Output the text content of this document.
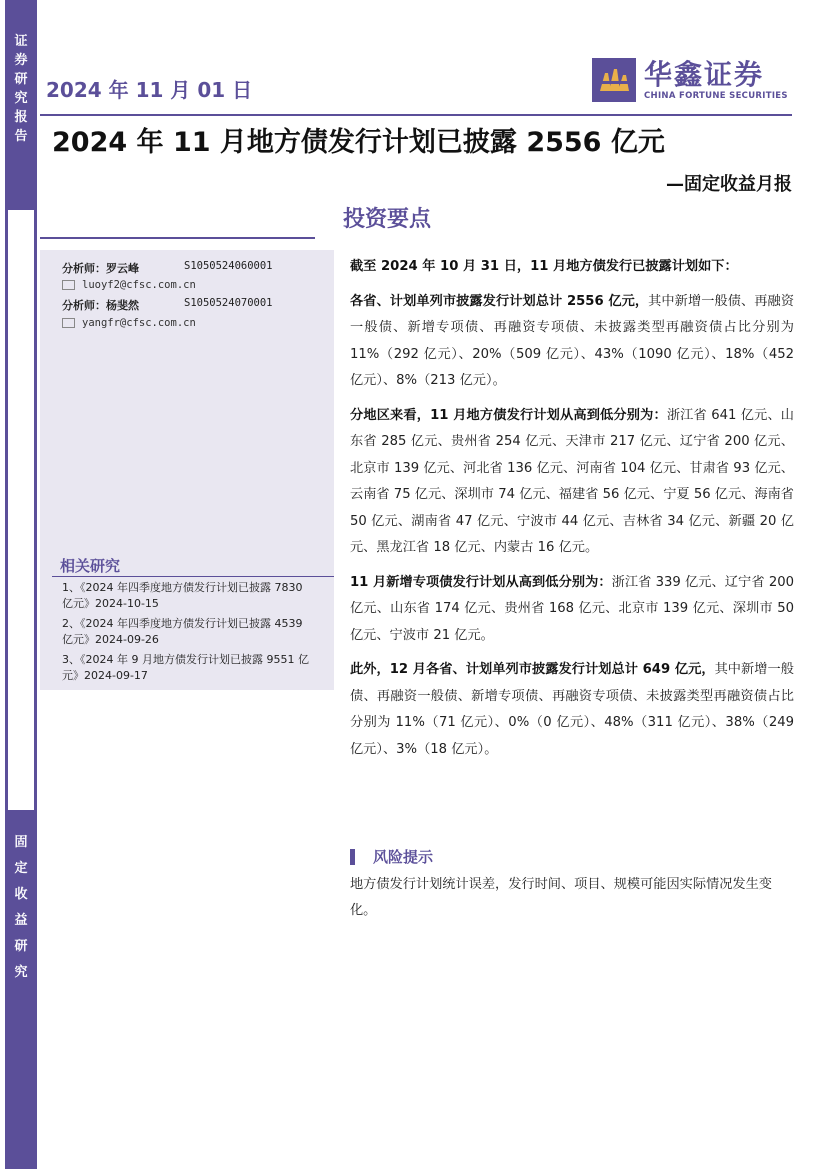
证
券
研
究
报
告
固
定
收
益
研
究
2024 年 11 月 01 日	华鑫证券
CHINA FORTUNE SECURITIES
2024 年 11 月地方债发行计划已披露 2556 亿元
—固定收益月报
投资要点
分析师：罗云峰	S1050524060001
luoyf2@cfsc.com.cn
分析师：杨斐然	S1050524070001
yangfr@cfsc.com.cn
相关研究
1、《2024 年四季度地方债发行计划已披露 7830 亿元》2024-10-15
2、《2024 年四季度地方债发行计划已披露 4539 亿元》2024-09-26
3、《2024 年 9 月地方债发行计划已披露 9551 亿元》2024-09-17

截至 2024 年 10 月 31 日，11 月地方债发行已披露计划如下：

各省、计划单列市披露发行计划总计 2556 亿元，其中新增一般债、再融资一般债、新增专项债、再融资专项债、未披露类型再融资债占比分别为 11%（292 亿元）、20%（509 亿元）、43%（1090 亿元）、18%（452 亿元）、8%（213 亿元）。

分地区来看，11 月地方债发行计划从高到低分别为：浙江省 641 亿元、山东省 285 亿元、贵州省 254 亿元、天津市 217 亿元、辽宁省 200 亿元、北京市 139 亿元、河北省 136 亿元、河南省 104 亿元、甘肃省 93 亿元、云南省 75 亿元、深圳市 74 亿元、福建省 56 亿元、宁夏 56 亿元、海南省 50 亿元、湖南省 47 亿元、宁波市 44 亿元、吉林省 34 亿元、新疆 20 亿元、黑龙江省 18 亿元、内蒙古 16 亿元。

11 月新增专项债发行计划从高到低分别为：浙江省 339 亿元、辽宁省 200 亿元、山东省 174 亿元、贵州省 168 亿元、北京市 139 亿元、深圳市 50 亿元、宁波市 21 亿元。

此外，12 月各省、计划单列市披露发行计划总计 649 亿元，其中新增一般债、再融资一般债、新增专项债、再融资专项债、未披露类型再融资债占比分别为 11%（71 亿元）、0%（0 亿元）、48%（311 亿元）、38%（249 亿元）、3%（18 亿元）。

风险提示
地方债发行计划统计误差，发行时间、项目、规模可能因实际情况发生变化。
